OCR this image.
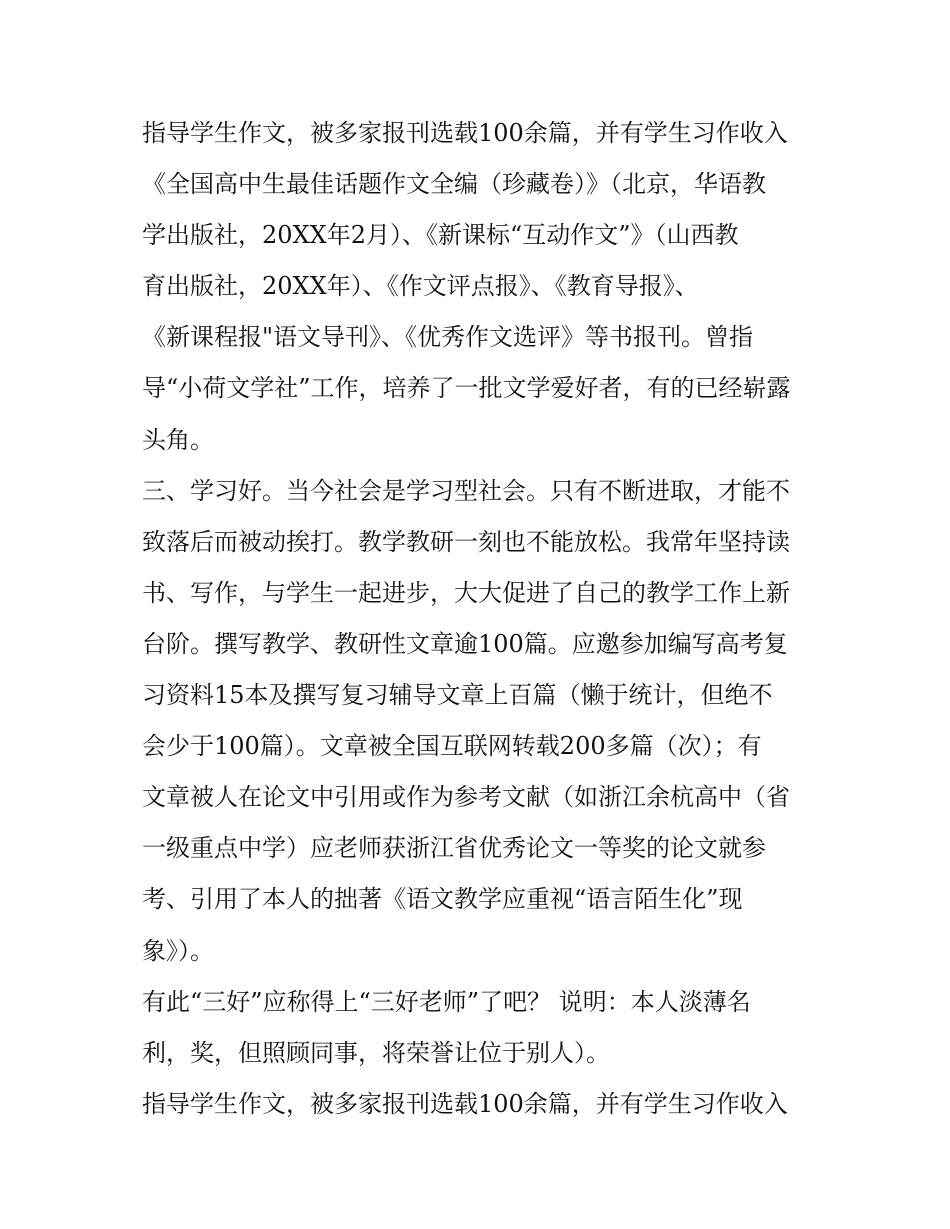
指导学生作文，被多家报刊选载100余篇，并有学生习作收入
《全国高中生最佳话题作文全编（珍藏卷）》（北京，华语教
学出版社，20XX年2月）、《新课标“互动作文”》（山西教
育出版社，20XX年）、《作文评点报》、《教育导报》、
《新课程报"语文导刊》、《优秀作文选评》等书报刊。曾指
导“小荷文学社”工作，培养了一批文学爱好者，有的已经崭露
头角。
三、学习好。当今社会是学习型社会。只有不断进取，才能不
致落后而被动挨打。教学教研一刻也不能放松。我常年坚持读
书、写作，与学生一起进步，大大促进了自己的教学工作上新
台阶。撰写教学、教研性文章逾100篇。应邀参加编写高考复
习资料15本及撰写复习辅导文章上百篇（懒于统计，但绝不
会少于100篇）。文章被全国互联网转载200多篇（次）；有
文章被人在论文中引用或作为参考文献（如浙江余杭高中（省
一级重点中学）应老师获浙江省优秀论文一等奖的论文就参
考、引用了本人的拙著《语文教学应重视“语言陌生化”现
象》）。
有此“三好”应称得上“三好老师”了吧？ 说明：本人淡薄名
利，奖，但照顾同事，将荣誉让位于别人）。
指导学生作文，被多家报刊选载100余篇，并有学生习作收入
